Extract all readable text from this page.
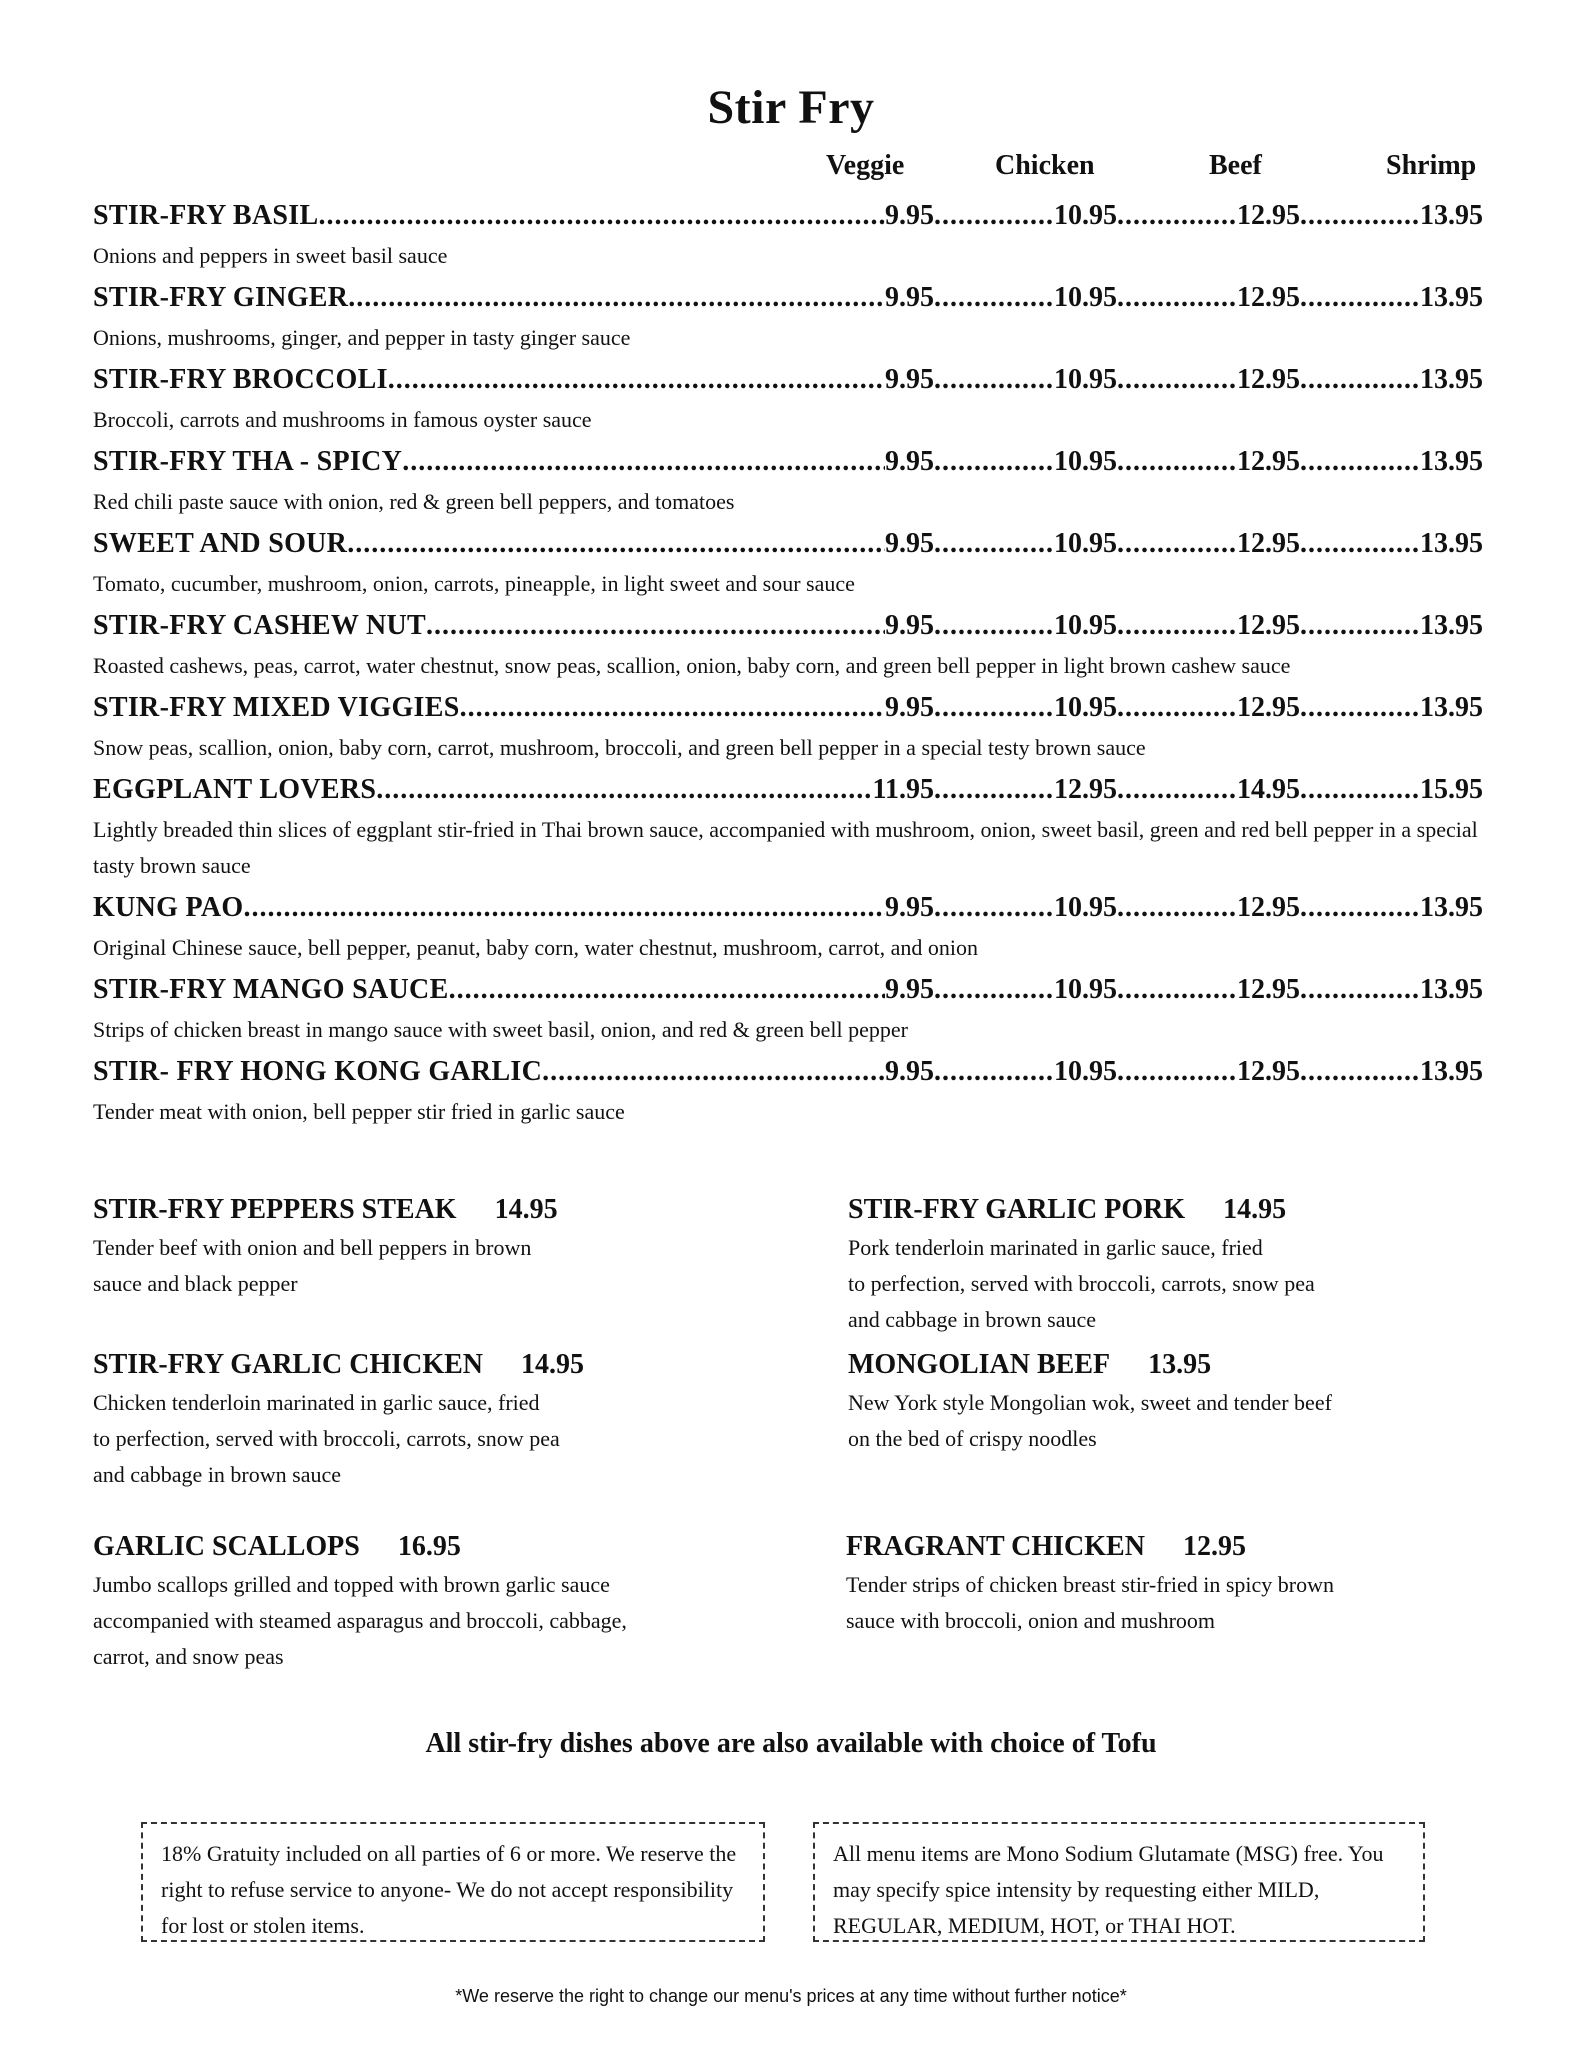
Stir Fry
Veggie	Chicken	Beef	Shrimp
STIR-FRY BASIL .....	9.95 .....	10.95 .....	12.95 .....	13.95
Onions and peppers in sweet basil sauce
STIR-FRY GINGER .....	9.95 .....	10.95 .....	12.95 .....	13.95
Onions, mushrooms, ginger, and pepper in tasty ginger sauce
STIR-FRY BROCCOLI .....	9.95 .....	10.95 .....	12.95 .....	13.95
Broccoli, carrots and mushrooms in famous oyster sauce
STIR-FRY THA - SPICY .....	9.95 .....	10.95 .....	12.95 .....	13.95
Red chili paste sauce with onion, red & green bell peppers, and tomatoes
SWEET AND SOUR .....	9.95 .....	10.95 .....	12.95 .....	13.95
Tomato, cucumber, mushroom, onion, carrots, pineapple, in light sweet and sour sauce
STIR-FRY CASHEW NUT .....	9.95 .....	10.95 .....	12.95 .....	13.95
Roasted cashews, peas, carrot, water chestnut, snow peas, scallion, onion, baby corn, and green bell pepper in light brown cashew sauce
STIR-FRY MIXED VIGGIES .....	9.95 .....	10.95 .....	12.95 .....	13.95
Snow peas, scallion, onion, baby corn, carrot, mushroom, broccoli, and green bell pepper in a special testy brown sauce
EGGPLANT LOVERS .....	11.95 .....	12.95 .....	14.95 .....	15.95
Lightly breaded thin slices of eggplant stir-fried in Thai brown sauce, accompanied with mushroom, onion, sweet basil, green and red bell pepper in a special tasty brown sauce
KUNG PAO .....	9.95 .....	10.95 .....	12.95 .....	13.95
Original Chinese sauce, bell pepper, peanut, baby corn, water chestnut, mushroom, carrot, and onion
STIR-FRY MANGO SAUCE .....	9.95 .....	10.95 .....	12.95 .....	13.95
Strips of chicken breast in mango sauce with sweet basil, onion, and red & green bell pepper
STIR- FRY HONG KONG GARLIC .....	9.95 .....	10.95 .....	12.95 .....	13.95
Tender meat with onion, bell pepper stir fried in garlic sauce
STIR-FRY PEPPERS STEAK 14.95
Tender beef with onion and bell peppers in brown
sauce and black pepper
STIR-FRY GARLIC PORK 14.95
Pork tenderloin marinated in garlic sauce, fried
to perfection, served with broccoli, carrots, snow pea
and cabbage in brown sauce
STIR-FRY GARLIC CHICKEN 14.95
Chicken tenderloin marinated in garlic sauce, fried
to perfection, served with broccoli, carrots, snow pea
and cabbage in brown sauce
MONGOLIAN BEEF 13.95
New York style Mongolian wok, sweet and tender beef
on the bed of crispy noodles
GARLIC SCALLOPS 16.95
Jumbo scallops grilled and topped with brown garlic sauce
accompanied with steamed asparagus and broccoli, cabbage,
carrot, and snow peas
FRAGRANT CHICKEN 12.95
Tender strips of chicken breast stir-fried in spicy brown
sauce with broccoli, onion and mushroom
All stir-fry dishes above are also available with choice of Tofu
18% Gratuity included on all parties of 6 or more. We reserve the right to refuse service to anyone- We do not accept responsibility for lost or stolen items.
All menu items are Mono Sodium Glutamate (MSG) free. You may specify spice intensity by requesting either MILD, REGULAR, MEDIUM, HOT, or THAI HOT.
*We reserve the right to change our menu's prices at any time without further notice*
